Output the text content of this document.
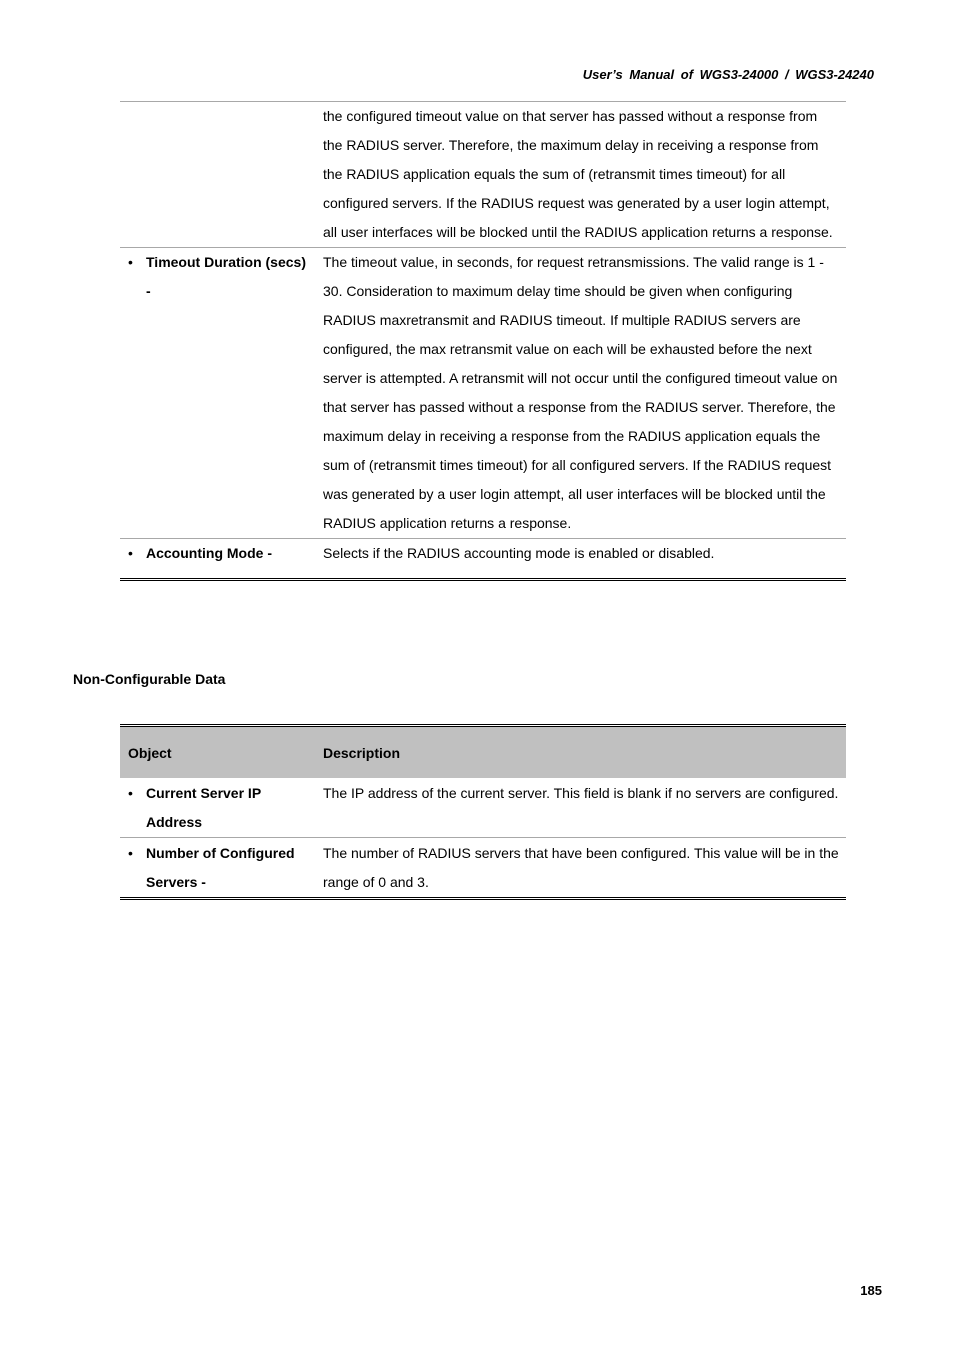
User’s Manual of WGS3-24000 / WGS3-24240
	the configured timeout value on that server has passed without a response from the RADIUS server. Therefore, the maximum delay in receiving a response from the RADIUS application equals the sum of (retransmit times timeout) for all configured servers. If the RADIUS request was generated by a user login attempt, all user interfaces will be blocked until the RADIUS application returns a response.

• Timeout Duration (secs) -	The timeout value, in seconds, for request retransmissions. The valid range is 1 - 30. Consideration to maximum delay time should be given when configuring RADIUS maxretransmit and RADIUS timeout. If multiple RADIUS servers are configured, the max retransmit value on each will be exhausted before the next server is attempted. A retransmit will not occur until the configured timeout value on that server has passed without a response from the RADIUS server. Therefore, the maximum delay in receiving a response from the RADIUS application equals the sum of (retransmit times timeout) for all configured servers. If the RADIUS request was generated by a user login attempt, all user interfaces will be blocked until the RADIUS application returns a response.

• Accounting Mode -	Selects if the RADIUS accounting mode is enabled or disabled.
Non-Configurable Data
Object	Description

• Current Server IP Address	The IP address of the current server. This field is blank if no servers are configured.

• Number of Configured Servers -	The number of RADIUS servers that have been configured. This value will be in the range of 0 and 3.
185
